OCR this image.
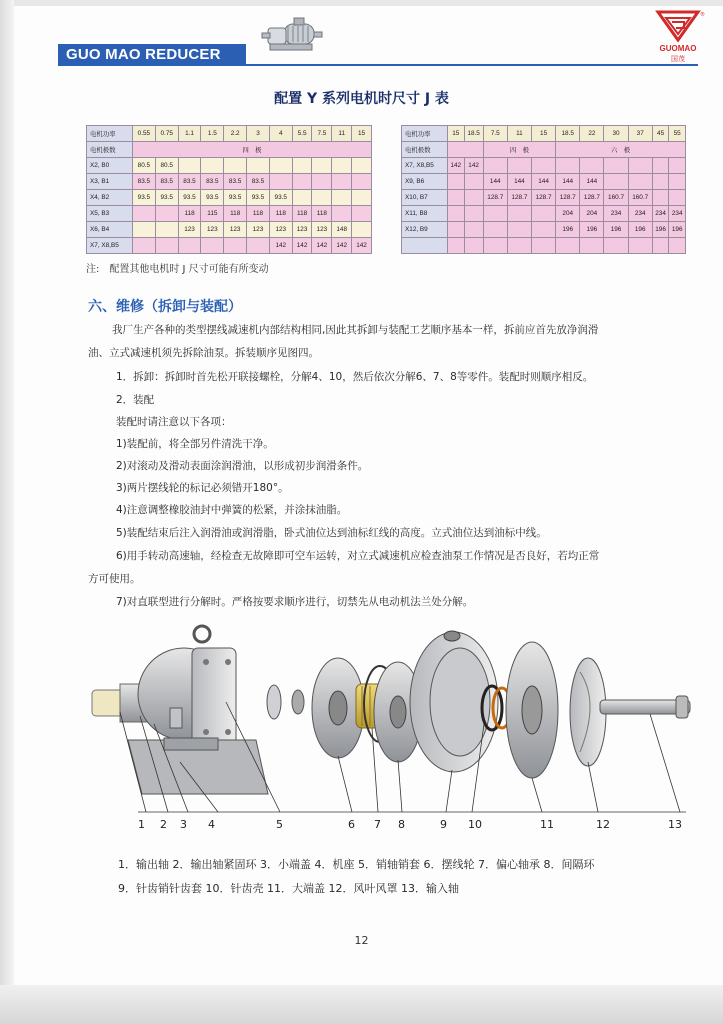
GUO MAO REDUCER
®
GUOMAO
国茂
配置 Y 系列电机时尺寸 J 表
电机功率	0.55	0.75	1.1	1.5	2.2	3	4	5.5	7.5	11	15
电机极数	四　极										
X2, B0	80.5	80.5									
X3, B1	83.5	83.5	83.5	83.5	83.5	83.5					
X4, B2	93.5	93.5	93.5	93.5	93.5	93.5	93.5				
X5, B3			118	115	118	118	118	118	118		
X6, B4			123	123	123	123	123	123	123	148	
X7, X8,B5							142	142	142	142	142
电机功率	15	18.5	7.5	11	15	18.5	22	30	37	45	55
电机极数			四　极			六　极					
X7, X8,B5	142	142									
X9, B6			144	144	144	144	144				
X10, B7			128.7	128.7	128.7	128.7	128.7	160.7	160.7		
X11, B8						204	204	234	234	234	234
X12, B9						196	196	196	196	196	196

注:　配置其他电机时 J 尺寸可能有所变动
六、维修（拆卸与装配）
我厂生产各种的类型摆线减速机内部结构相同,因此其拆卸与装配工艺顺序基本一样，拆前应首先放净润滑
油、立式减速机须先拆除油泵。拆装顺序见图四。
1．拆卸：拆卸时首先松开联接螺栓，分解4、10，然后依次分解6、7、8等零件。装配时则顺序相反。
2．装配
装配时请注意以下各项：
1)装配前，将全部另件清洗干净。
2)对滚动及滑动表面涂润滑油，以形成初步润滑条件。
3)两片摆线轮的标记必须错开180°。
4)注意调整橡胶油封中弹簧的松紧，并涂抹油脂。
5)装配结束后注入润滑油或润滑脂，卧式油位达到油标红线的高度。立式油位达到油标中线。
6)用手转动高速轴，经检查无故障即可空车运转，对立式减速机应检查油泵工作情况是否良好，若均正常
方可使用。
7)对直联型进行分解时。严格按要求顺序进行，切禁先从电动机法兰处分解。
1 2 3 4	5	6 7 8	9 10	11	12	13
1．输出轴 2．输出轴紧固环 3．小端盖 4．机座 5．销轴销套 6．摆线轮 7．偏心轴承 8．间隔环
9．针齿销针齿套 10．针齿壳 11．大端盖 12．风叶风罩 13．输入轴
12
